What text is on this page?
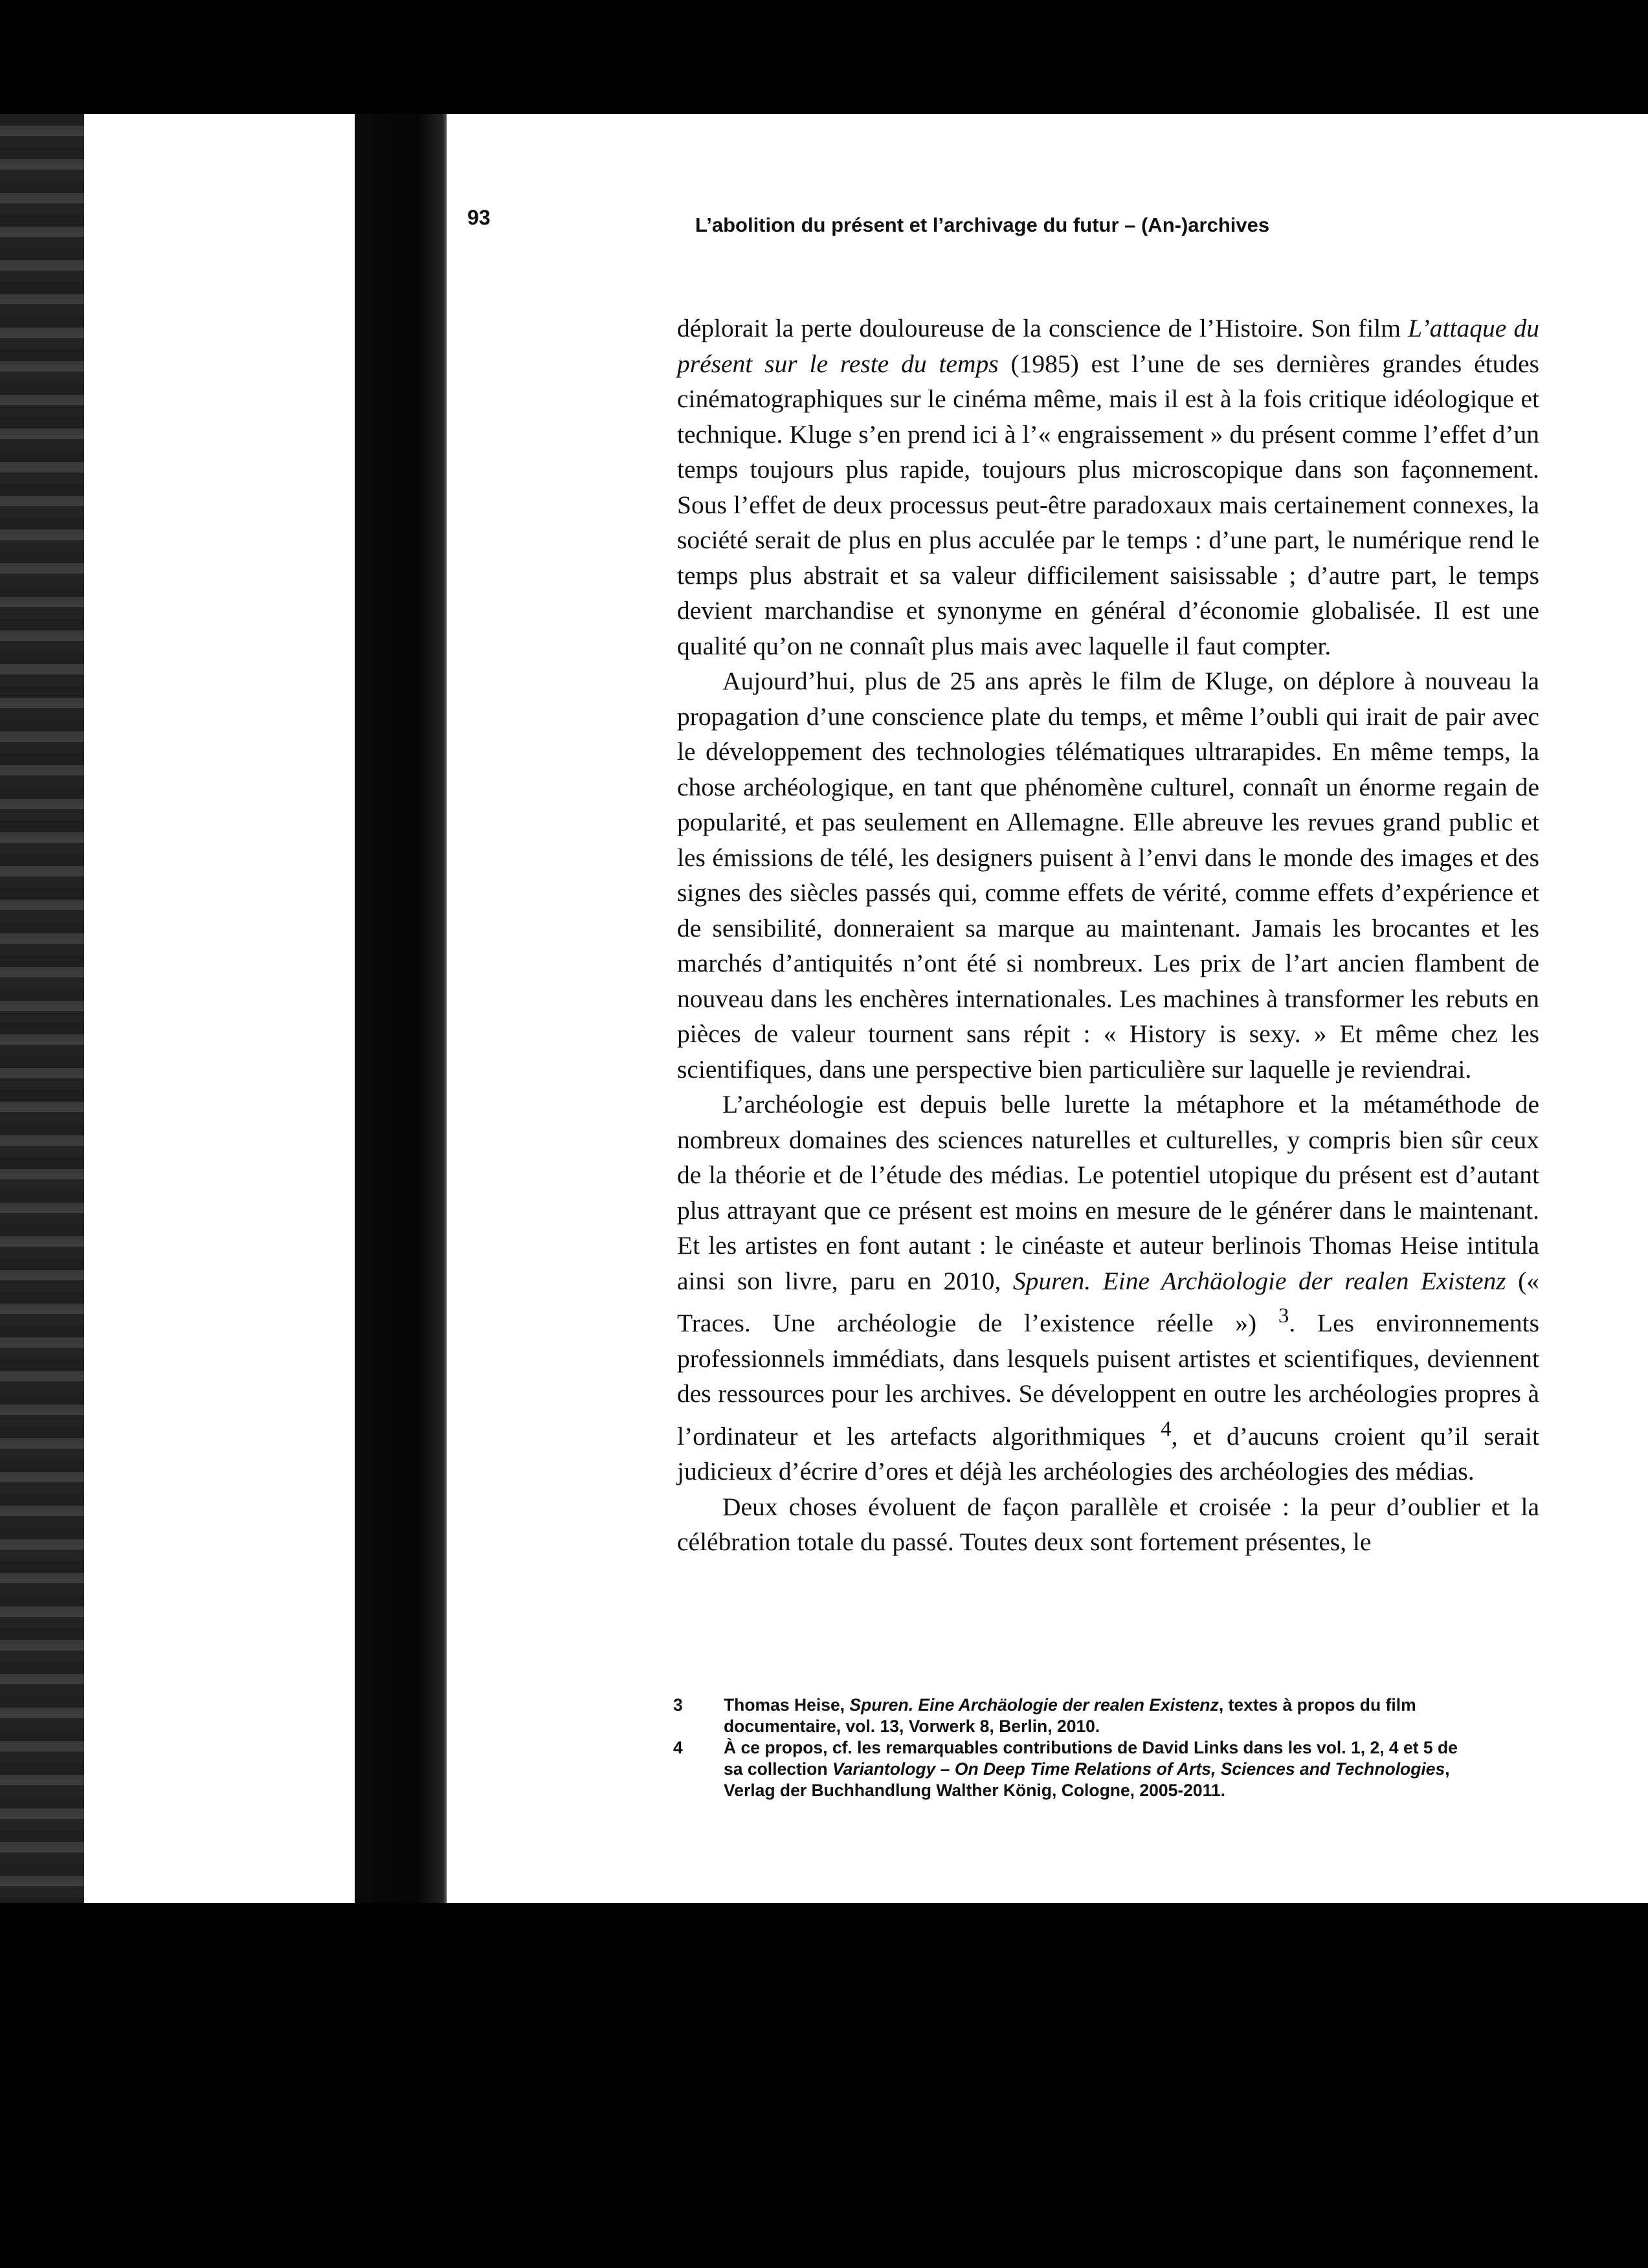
93	L’abolition du présent et l’archivage du futur – (An-)archives

déplorait la perte douloureuse de la conscience de l’Histoire. Son film L’attaque du présent sur le reste du temps (1985) est l’une de ses dernières grandes études cinématographiques sur le cinéma même, mais il est à la fois critique idéologique et technique. Kluge s’en prend ici à l’« engraissement » du présent comme l’effet d’un temps toujours plus rapide, toujours plus microscopique dans son façonnement. Sous l’effet de deux processus peut-être paradoxaux mais certainement connexes, la société serait de plus en plus acculée par le temps : d’une part, le numérique rend le temps plus abstrait et sa valeur difficilement saisissable ; d’autre part, le temps devient marchandise et synonyme en général d’économie globalisée. Il est une qualité qu’on ne connaît plus mais avec laquelle il faut compter.

Aujourd’hui, plus de 25 ans après le film de Kluge, on déplore à nouveau la propagation d’une conscience plate du temps, et même l’oubli qui irait de pair avec le développement des technologies télématiques ultrarapides. En même temps, la chose archéologique, en tant que phénomène culturel, connaît un énorme regain de popularité, et pas seulement en Allemagne. Elle abreuve les revues grand public et les émissions de télé, les designers puisent à l’envi dans le monde des images et des signes des siècles passés qui, comme effets de vérité, comme effets d’expérience et de sensibilité, donneraient sa marque au maintenant. Jamais les brocantes et les marchés d’antiquités n’ont été si nombreux. Les prix de l’art ancien flambent de nouveau dans les enchères internationales. Les machines à transformer les rebuts en pièces de valeur tournent sans répit : « History is sexy. » Et même chez les scientifiques, dans une perspective bien particulière sur laquelle je reviendrai.

L’archéologie est depuis belle lurette la métaphore et la métaméthode de nombreux domaines des sciences naturelles et culturelles, y compris bien sûr ceux de la théorie et de l’étude des médias. Le potentiel utopique du présent est d’autant plus attrayant que ce présent est moins en mesure de le générer dans le maintenant. Et les artistes en font autant : le cinéaste et auteur berlinois Thomas Heise intitula ainsi son livre, paru en 2010, Spuren. Eine Archäologie der realen Existenz (« Traces. Une archéologie de l’existence réelle ») $^3$. Les environnements professionnels immédiats, dans lesquels puisent artistes et scientifiques, deviennent des ressources pour les archives. Se développent en outre les archéologies propres à l’ordinateur et les artefacts algorithmiques $^4$, et d’aucuns croient qu’il serait judicieux d’écrire d’ores et déjà les archéologies des archéologies des médias.

Deux choses évoluent de façon parallèle et croisée : la peur d’oublier et la célébration totale du passé. Toutes deux sont fortement présentes, le

3	Thomas Heise, Spuren. Eine Archäologie der realen Existenz, textes à propos du film documentaire, vol. 13, Vorwerk 8, Berlin, 2010.
4	À ce propos, cf. les remarquables contributions de David Links dans les vol. 1, 2, 4 et 5 de sa collection Variantology – On Deep Time Relations of Arts, Sciences and Technologies, Verlag der Buchhandlung Walther König, Cologne, 2005-2011.
